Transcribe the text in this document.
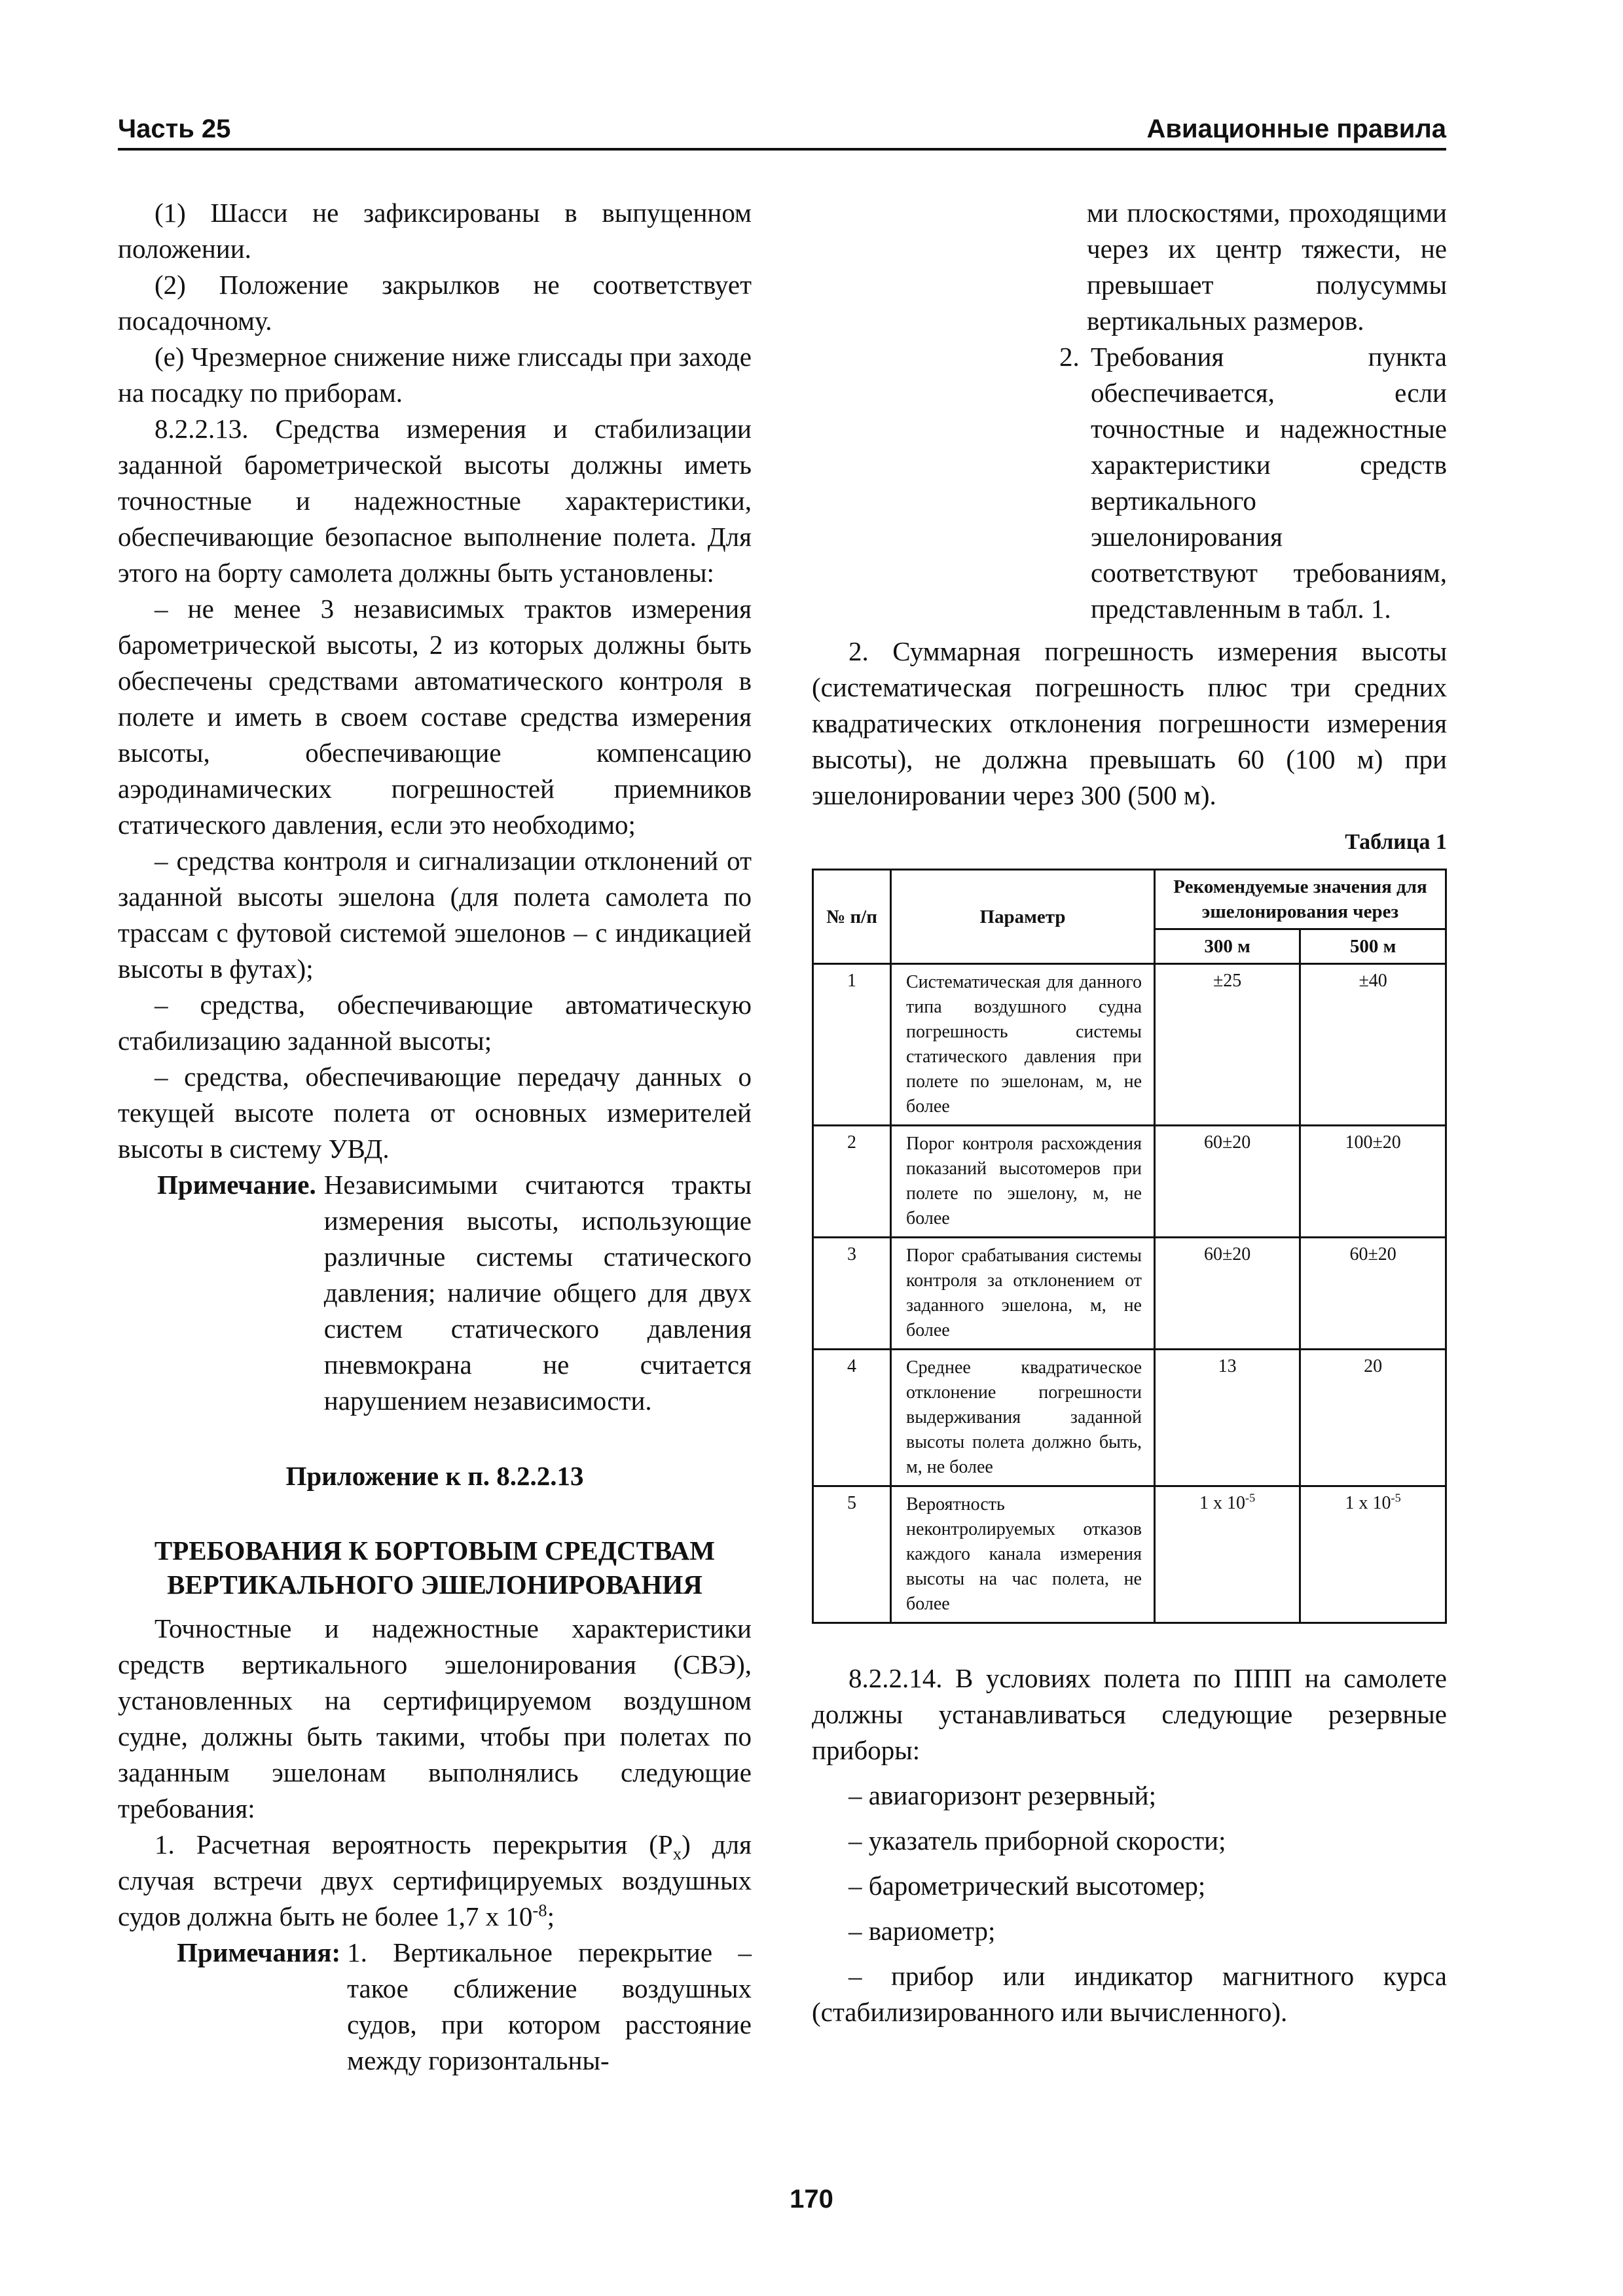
Часть 25	Авиационные правила

(1) Шасси не зафиксированы в выпущенном положении.

(2) Положение закрылков не соответствует посадочному.

(е) Чрезмерное снижение ниже глиссады при заходе на посадку по приборам.

8.2.2.13. Средства измерения и стабилизации заданной барометрической высоты должны иметь точностные и надежностные характеристики, обеспечивающие безопасное выполнение полета. Для этого на борту самолета должны быть установлены:

– не менее 3 независимых трактов измерения барометрической высоты, 2 из которых должны быть обеспечены средствами автоматического контроля в полете и иметь в своем составе средства измерения высоты, обеспечивающие компенсацию аэродинамических погрешностей приемников статического давления, если это необходимо;

– средства контроля и сигнализации отклонений от заданной высоты эшелона (для полета самолета по трассам с футовой системой эшелонов – с индикацией высоты в футах);

– средства, обеспечивающие автоматическую стабилизацию заданной высоты;

– средства, обеспечивающие передачу данных о текущей высоте полета от основных измерителей высоты в систему УВД.

Примечание. Независимыми считаются тракты измерения высоты, использующие различные системы статического давления; наличие общего для двух систем статического давления пневмокрана не считается нарушением независимости.

Приложение к п. 8.2.2.13

ТРЕБОВАНИЯ К БОРТОВЫМ СРЕДСТВАМ

ВЕРТИКАЛЬНОГО ЭШЕЛОНИРОВАНИЯ

Точностные и надежностные характеристики средств вертикального эшелонирования (СВЭ), установленных на сертифицируемом воздушном судне, должны быть такими, чтобы при полетах по заданным эшелонам выполнялись следующие требования:

1. Расчетная вероятность перекрытия $(P_x)$ для случая встречи двух сертифицируемых воздушных судов должна быть не более 1,7 x $10^{-8}$;

Примечания: 1. Вертикальное перекрытие – такое сближение воздушных судов, при котором расстояние между горизонтальны-

ми плоскостями, проходящими через их центр тяжести, не превышает полусуммы вертикальных размеров.

2. Требования пункта обеспечивается, если точностные и надежностные характеристики средств вертикального эшелонирования соответствуют требованиям, представленным в табл. 1.

2. Суммарная погрешность измерения высоты (систематическая погрешность плюс три средних квадратических отклонения погрешности измерения высоты), не должна превышать 60 (100 м) при эшелонировании через 300 (500 м).

Таблица 1
№ п/п	Параметр	Рекомендуемые значения для эшелонирования через	
		300 м	500 м
1	Систематическая для данного типа воздушного судна погрешность системы статического давления при полете по эшелонам, м, не более	±25	±40
2	Порог контроля расхождения показаний высотомеров при полете по эшелону, м, не более	60±20	100±20
3	Порог срабатывания системы контроля за отклонением от заданного эшелона, м, не более	60±20	60±20
4	Среднее квадратическое отклонение погрешности выдерживания заданной высоты полета должно быть, м, не более	13	20
5	Вероятность неконтролируемых отказов каждого канала измерения высоты на час полета, не более	1 x $10^{-5}$	1 x $10^{-5}$

8.2.2.14. В условиях полета по ППП на самолете должны устанавливаться следующие резервные приборы:

– авиагоризонт резервный;

– указатель приборной скорости;

– барометрический высотомер;

– вариометр;

– прибор или индикатор магнитного курса (стабилизированного или вычисленного).

170
